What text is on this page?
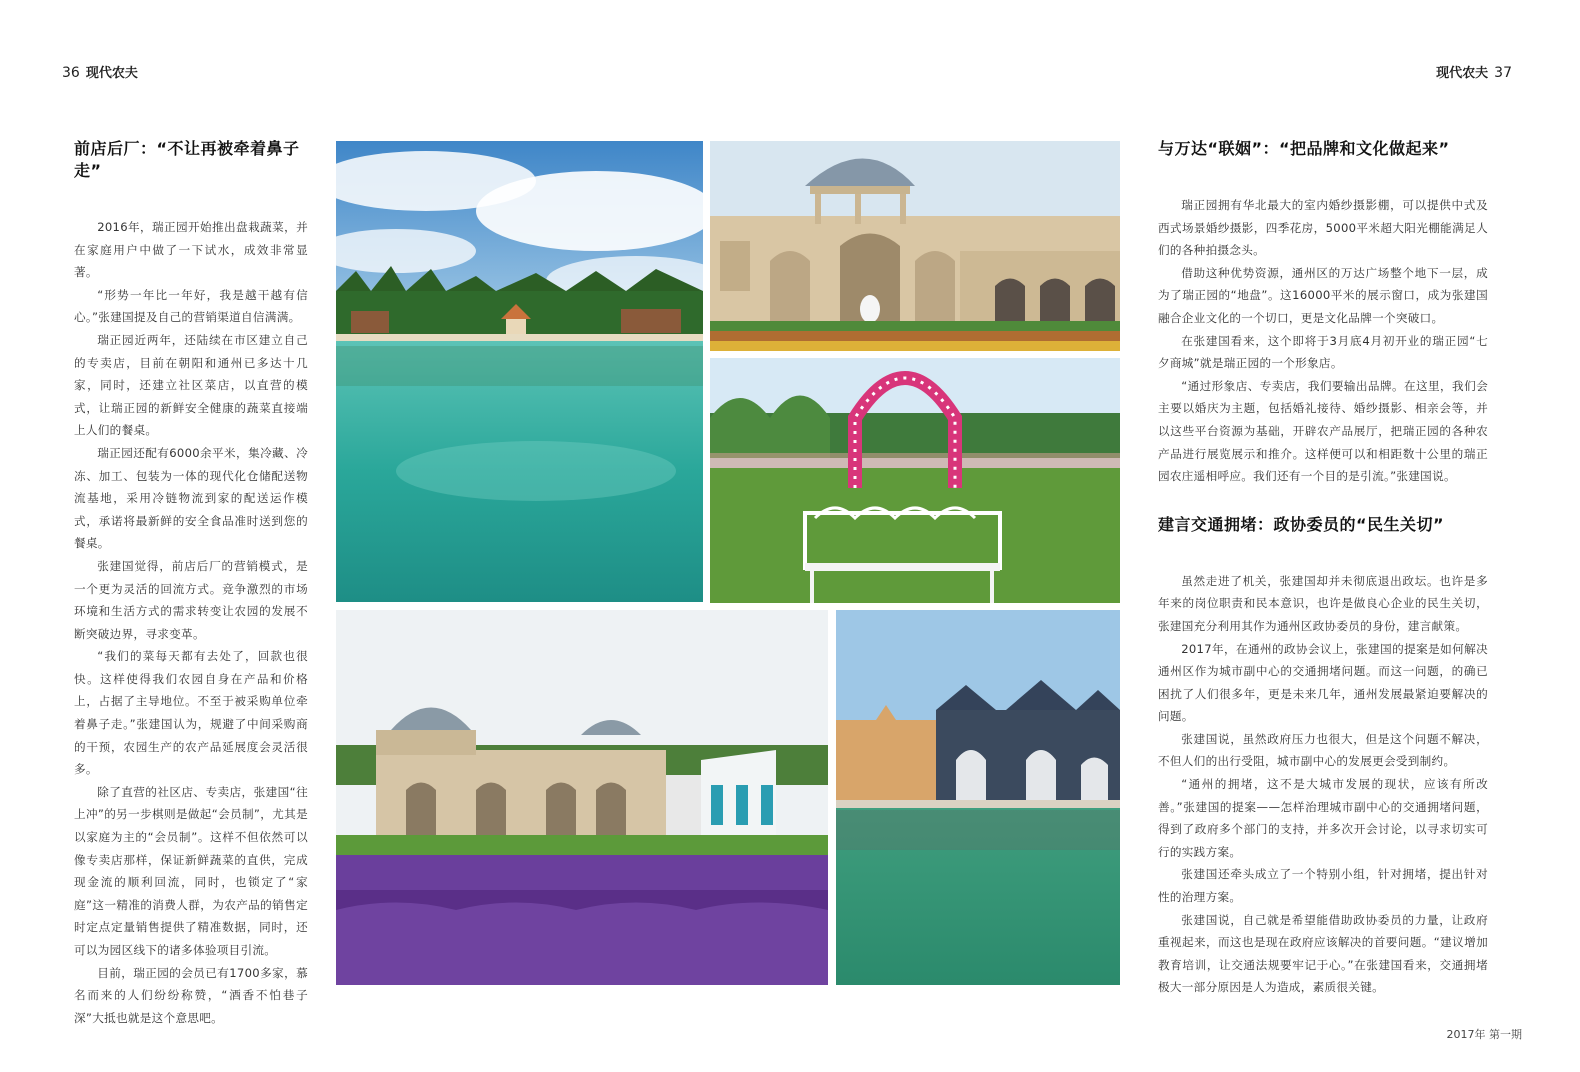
36 现代农夫	现代农夫 37
前店后厂：“不让再被牵着鼻子走”

2016年，瑞正园开始推出盘栽蔬菜，并在家庭用户中做了一下试水，成效非常显著。

“形势一年比一年好，我是越干越有信心。”张建国提及自己的营销渠道自信满满。

瑞正园近两年，还陆续在市区建立自己的专卖店，目前在朝阳和通州已多达十几家，同时，还建立社区菜店，以直营的模式，让瑞正园的新鲜安全健康的蔬菜直接端上人们的餐桌。

瑞正园还配有6000余平米，集冷藏、冷冻、加工、包装为一体的现代化仓储配送物流基地，采用冷链物流到家的配送运作模式，承诺将最新鲜的安全食品准时送到您的餐桌。

张建国觉得，前店后厂的营销模式，是一个更为灵活的回流方式。竞争激烈的市场环境和生活方式的需求转变让农园的发展不断突破边界，寻求变革。

“我们的菜每天都有去处了，回款也很快。这样使得我们农园自身在产品和价格上，占据了主导地位。不至于被采购单位牵着鼻子走。”张建国认为，规避了中间采购商的干预，农园生产的农产品延展度会灵活很多。

除了直营的社区店、专卖店，张建国“往上冲”的另一步棋则是做起“会员制”，尤其是以家庭为主的“会员制”。这样不但依然可以像专卖店那样，保证新鲜蔬菜的直供，完成现金流的顺利回流，同时，也锁定了“家庭”这一精准的消费人群，为农产品的销售定时定点定量销售提供了精准数据，同时，还可以为园区线下的诸多体验项目引流。

目前，瑞正园的会员已有1700多家，慕名而来的人们纷纷称赞，“酒香不怕巷子深”大抵也就是这个意思吧。

与万达“联姻”：“把品牌和文化做起来”

瑞正园拥有华北最大的室内婚纱摄影棚，可以提供中式及西式场景婚纱摄影，四季花房，5000平米超大阳光棚能满足人们的各种拍摄念头。

借助这种优势资源，通州区的万达广场整个地下一层，成为了瑞正园的“地盘”。这16000平米的展示窗口，成为张建国融合企业文化的一个切口，更是文化品牌一个突破口。

在张建国看来，这个即将于3月底4月初开业的瑞正园“七夕商城”就是瑞正园的一个形象店。

“通过形象店、专卖店，我们要输出品牌。在这里，我们会主要以婚庆为主题，包括婚礼接待、婚纱摄影、相亲会等，并以这些平台资源为基础，开辟农产品展厅，把瑞正园的各种农产品进行展览展示和推介。这样便可以和相距数十公里的瑞正园农庄遥相呼应。我们还有一个目的是引流。”张建国说。

建言交通拥堵：政协委员的“民生关切”

虽然走进了机关，张建国却并未彻底退出政坛。也许是多年来的岗位职责和民本意识，也许是做良心企业的民生关切，张建国充分利用其作为通州区政协委员的身份，建言献策。

2017年，在通州的政协会议上，张建国的提案是如何解决通州区作为城市副中心的交通拥堵问题。而这一问题，的确已困扰了人们很多年，更是未来几年，通州发展最紧迫要解决的问题。

张建国说，虽然政府压力也很大，但是这个问题不解决，不但人们的出行受阻，城市副中心的发展更会受到制约。

“通州的拥堵，这不是大城市发展的现状，应该有所改善。”张建国的提案——怎样治理城市副中心的交通拥堵问题，得到了政府多个部门的支持，并多次开会讨论，以寻求切实可行的实践方案。

张建国还牵头成立了一个特别小组，针对拥堵，提出针对性的治理方案。

张建国说，自己就是希望能借助政协委员的力量，让政府重视起来，而这也是现在政府应该解决的首要问题。“建议增加教育培训，让交通法规要牢记于心。”在张建国看来，交通拥堵极大一部分原因是人为造成，素质很关键。

2017年 第一期
